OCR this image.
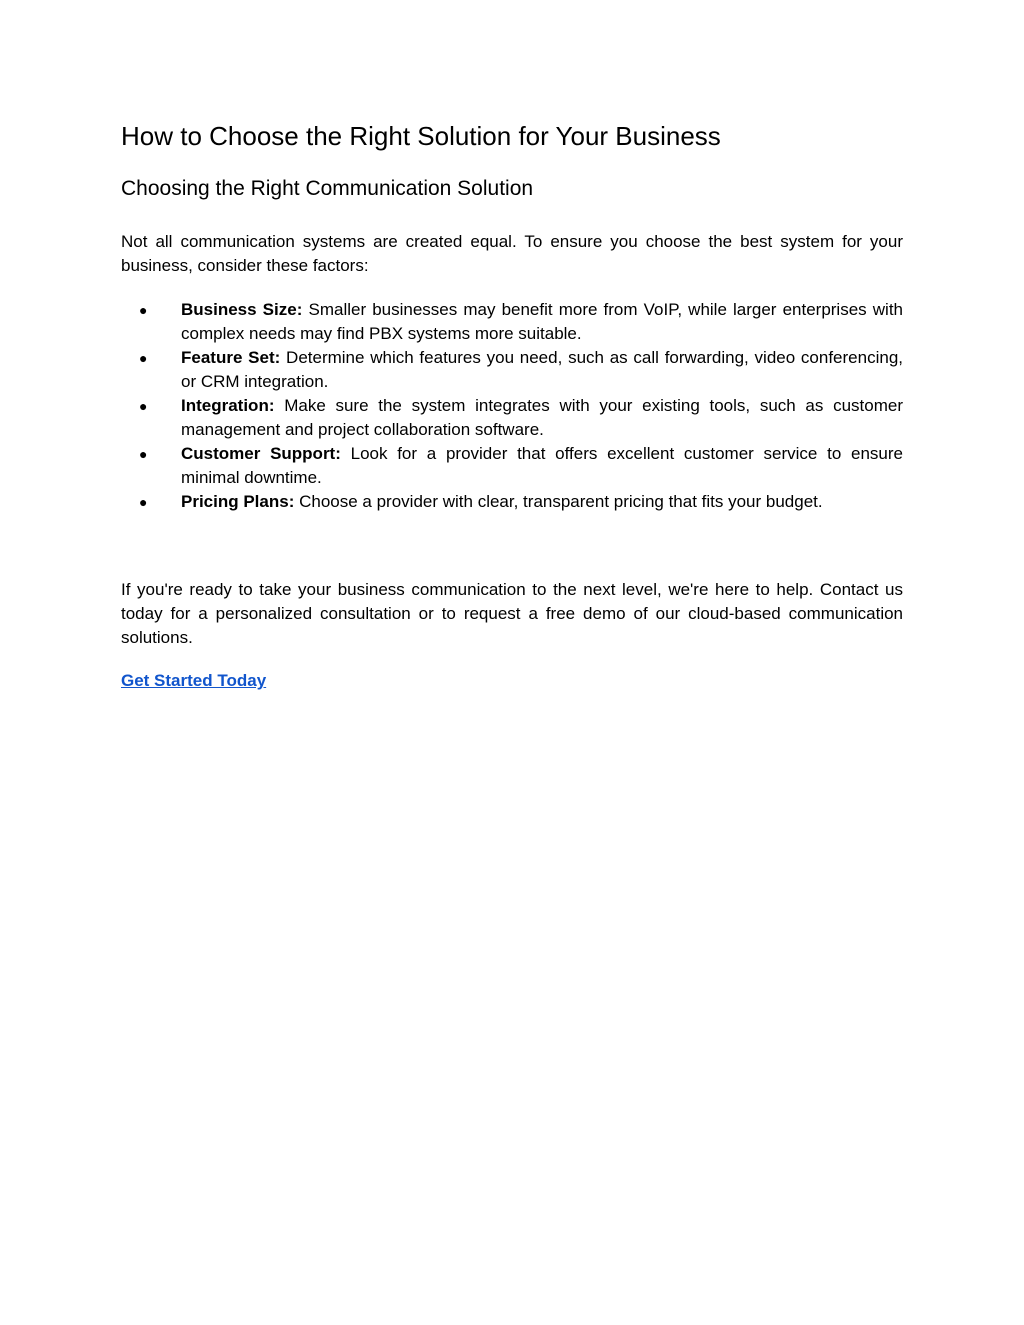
How to Choose the Right Solution for Your Business
Choosing the Right Communication Solution

Not all communication systems are created equal. To ensure you choose the best system for your business, consider these factors:

● Business Size: Smaller businesses may benefit more from VoIP, while larger enterprises with complex needs may find PBX systems more suitable.
● Feature Set: Determine which features you need, such as call forwarding, video conferencing, or CRM integration.
● Integration: Make sure the system integrates with your existing tools, such as customer management and project collaboration software.
● Customer Support: Look for a provider that offers excellent customer service to ensure minimal downtime.
● Pricing Plans: Choose a provider with clear, transparent pricing that fits your budget.

If you're ready to take your business communication to the next level, we're here to help. Contact us today for a personalized consultation or to request a free demo of our cloud-based communication solutions.

Get Started Today
